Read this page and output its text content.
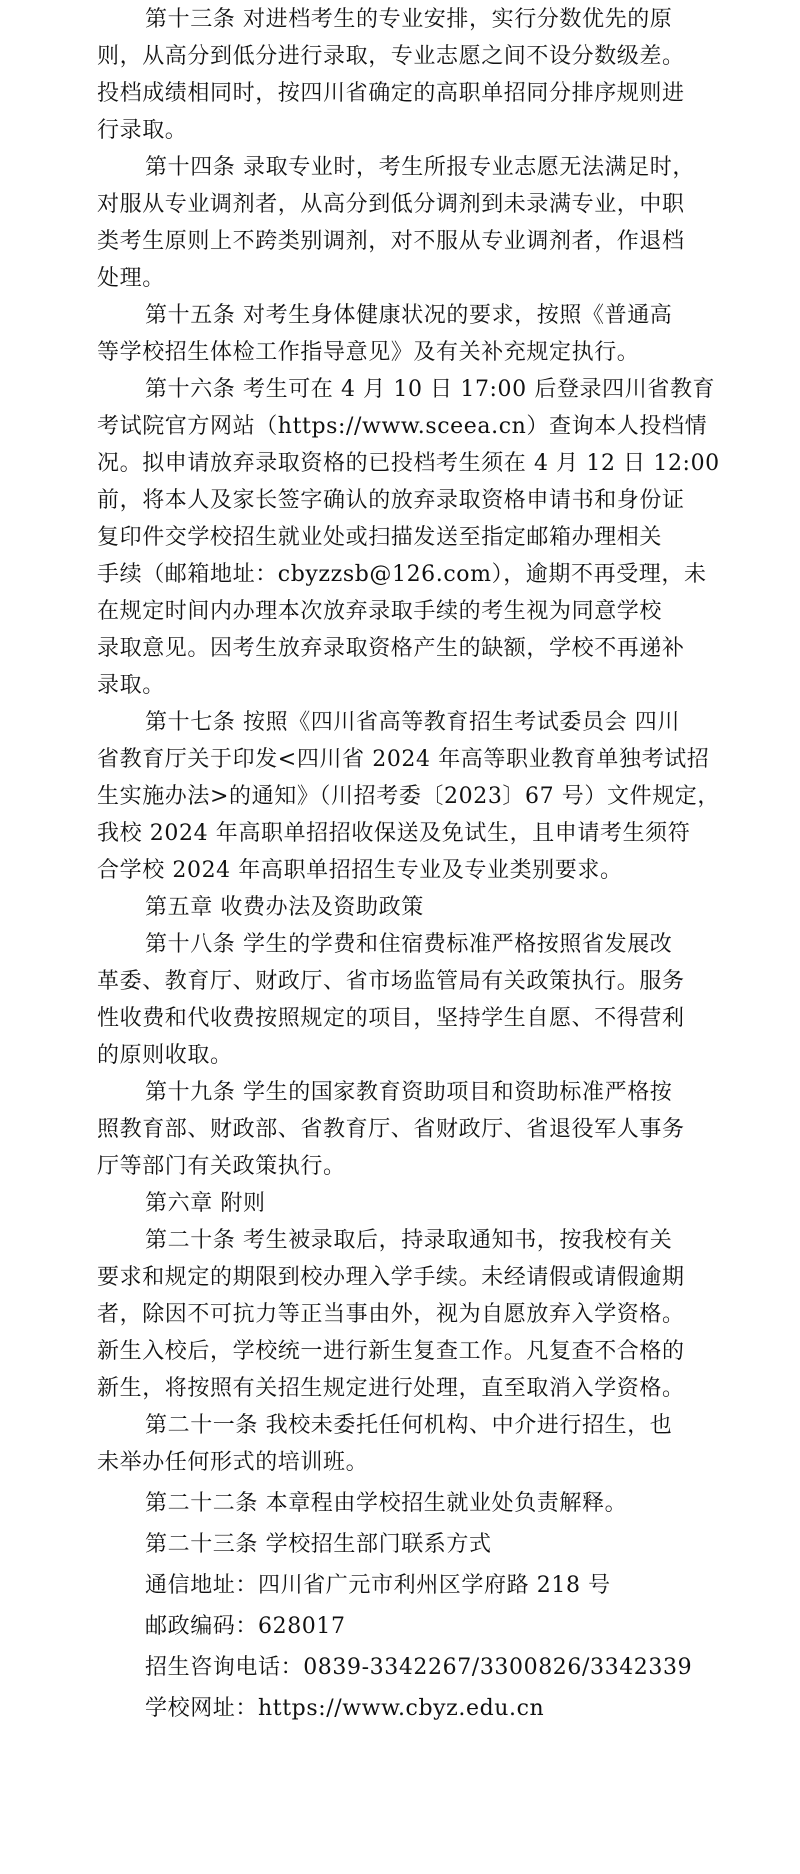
第十三条 对进档考生的专业安排，实行分数优先的原
则，从高分到低分进行录取，专业志愿之间不设分数级差。
投档成绩相同时，按四川省确定的高职单招同分排序规则进
行录取。
第十四条 录取专业时，考生所报专业志愿无法满足时，
对服从专业调剂者，从高分到低分调剂到未录满专业，中职
类考生原则上不跨类别调剂，对不服从专业调剂者，作退档
处理。
第十五条 对考生身体健康状况的要求，按照《普通高
等学校招生体检工作指导意见》及有关补充规定执行。
第十六条 考生可在 4 月 10 日 17:00 后登录四川省教育
考试院官方网站（https://www.sceea.cn）查询本人投档情
况。拟申请放弃录取资格的已投档考生须在 4 月 12 日 12:00
前，将本人及家长签字确认的放弃录取资格申请书和身份证
复印件交学校招生就业处或扫描发送至指定邮箱办理相关
手续（邮箱地址：cbyzzsb@126.com），逾期不再受理，未
在规定时间内办理本次放弃录取手续的考生视为同意学校
录取意见。因考生放弃录取资格产生的缺额，学校不再递补
录取。
第十七条 按照《四川省高等教育招生考试委员会 四川
省教育厅关于印发<四川省 2024 年高等职业教育单独考试招
生实施办法>的通知》（川招考委〔2023〕67 号）文件规定，
我校 2024 年高职单招招收保送及免试生，且申请考生须符
合学校 2024 年高职单招招生专业及专业类别要求。
第五章 收费办法及资助政策
第十八条 学生的学费和住宿费标准严格按照省发展改
革委、教育厅、财政厅、省市场监管局有关政策执行。服务
性收费和代收费按照规定的项目，坚持学生自愿、不得营利
的原则收取。
第十九条 学生的国家教育资助项目和资助标准严格按
照教育部、财政部、省教育厅、省财政厅、省退役军人事务
厅等部门有关政策执行。
第六章 附则
第二十条 考生被录取后，持录取通知书，按我校有关
要求和规定的期限到校办理入学手续。未经请假或请假逾期
者，除因不可抗力等正当事由外，视为自愿放弃入学资格。
新生入校后，学校统一进行新生复查工作。凡复查不合格的
新生，将按照有关招生规定进行处理，直至取消入学资格。
第二十一条 我校未委托任何机构、中介进行招生，也
未举办任何形式的培训班。
第二十二条 本章程由学校招生就业处负责解释。
第二十三条 学校招生部门联系方式
通信地址：四川省广元市利州区学府路 218 号
邮政编码：628017
招生咨询电话：0839-3342267/3300826/3342339
学校网址：https://www.cbyz.edu.cn
